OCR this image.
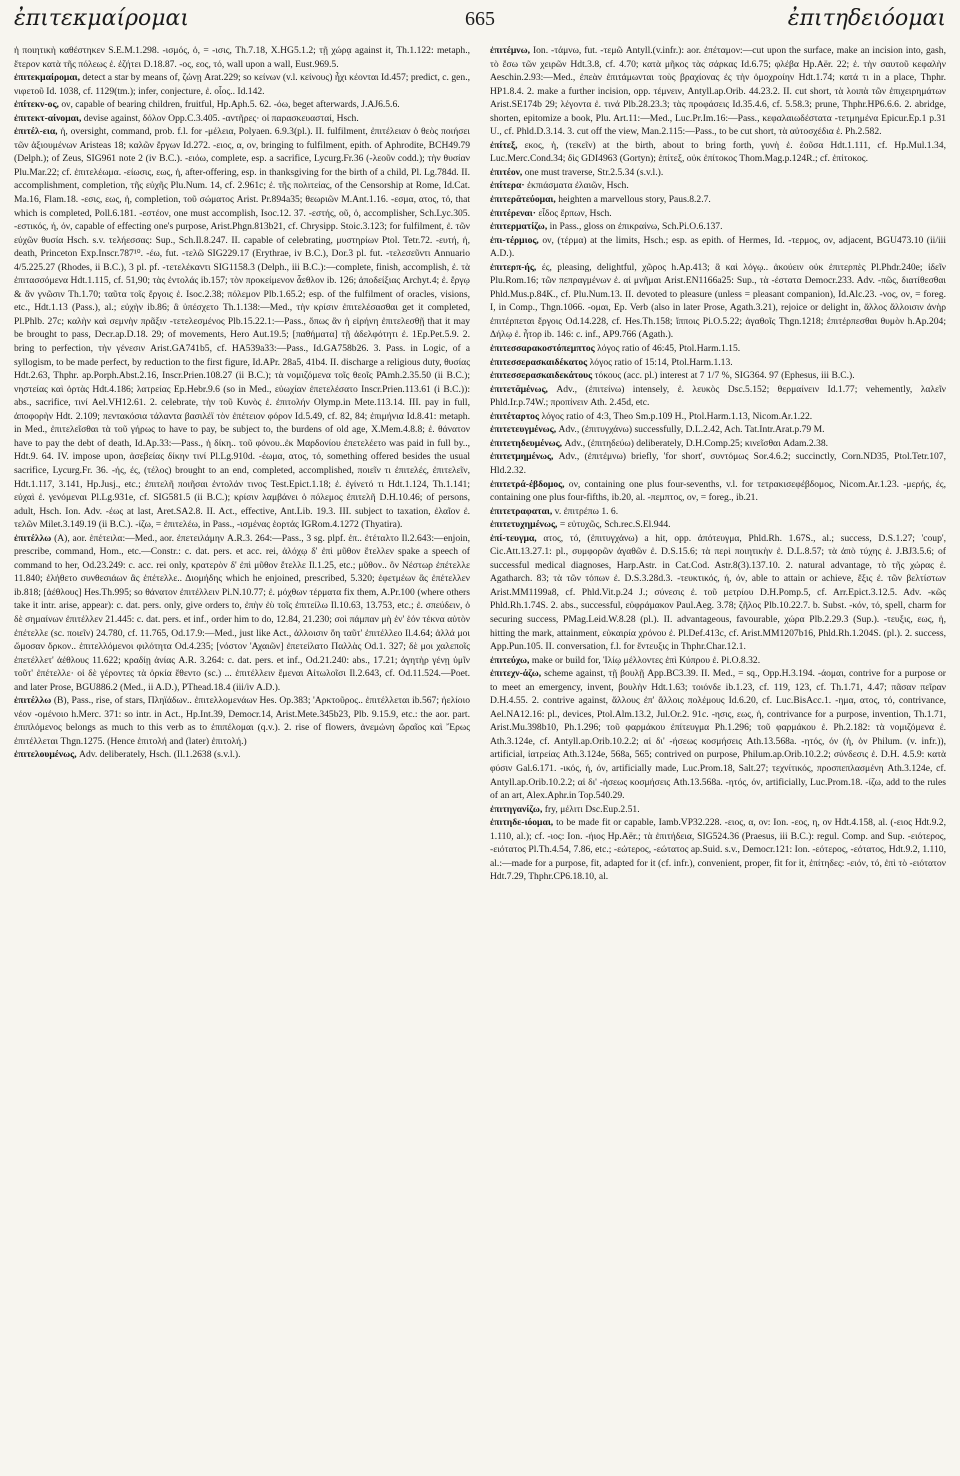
ἐπιτεκμαίρομαι	665	ἐπιτηδειόομαι

ἡ ποιητικὴ καθέστηκεν S.E.M.1.298. -ισμός, ὁ, = -ισις, Th.7.18, X.HG5.1.2; τῇ χώρᾳ against it, Th.1.122: metaph., ἕτερον κατὰ τῆς πόλεως ἐ. ἐζήτει D.18.87. -ος, εος, τό, wall upon a wall, Eust.969.5.

ἐπιτεκμαίρομαι, detect a star by means of, ζώνῃ Arat.229; so κείνων (v.l. κείνους) ἧχι κέονται Id.457; predict, c. gen., νιφετοῦ Id. 1038, cf. 1129(tm.); infer, conjecture, ἐ. οἷος.. Id.142.

ἐπίτεκν-ος, ον, capable of bearing children, fruitful, Hp.Aph.5. 62. -όω, beget afterwards, J.AJ6.5.6.

ἐπιτεκτ-αίνομαι, devise against, δόλον Opp.C.3.405. -αντῆρες· οἱ παρασκευασταί, Hsch.

ἐπιτέλ-εια, ἡ, oversight, command, prob. f.l. for -μέλεια, Polyaen. 6.9.3(pl.). II. fulfilment, ἐπιτέλειαν ὁ θεὸς ποιήσει τῶν ἀξιουμένων Aristeas 18; καλῶν ἔργων Id.272. -ειος, α, ον, bringing to fulfilment, epith. of Aphrodite, BCH49.79 (Delph.); of Zeus, SIG961 note 2 (iv B.C.). -ειόω, complete, esp. a sacrifice, Lycurg.Fr.36 (-λεοῦν codd.); τὴν θυσίαν Plu.Mar.22; cf. ἐπιτελέωμα. -είωσις, εως, ἡ, after-offering, esp. in thanksgiving for the birth of a child, Pl. Lg.784d. II. accomplishment, completion, τῆς εὐχῆς Plu.Num. 14, cf. 2.961c; ἐ. τῆς πολιτείας, of the Censorship at Rome, Id.Cat. Ma.16, Flam.18. -εσις, εως, ἡ, completion, τοῦ σώματος Arist. Pr.894a35; θεωριῶν M.Ant.1.16. -εσμα, ατος, τό, that which is completed, Poll.6.181. -εστέον, one must accomplish, Isoc.12. 37. -εστής, οῦ, ὁ, accomplisher, Sch.Lyc.305. -εστικός, ή, όν, capable of effecting one's purpose, Arist.Phgn.813b21, cf. Chrysipp. Stoic.3.123; for fulfilment, ἐ. τῶν εὐχῶν θυσία Hsch. s.v. τελήεσσας: Sup., Sch.Il.8.247. II. capable of celebrating, μυστηρίων Ptol. Tetr.72. -ευτή, ἡ, death, Princeton Exp.Inscr.787¹⁰. -έω, fut. -τελῶ SIG229.17 (Erythrae, iv B.C.), Dor.3 pl. fut. -τελεσεῦντι Annuario 4/5.225.27 (Rhodes, ii B.C.), 3 pl. pf. -τετελέκαντι SIG1158.3 (Delph., iii B.C.):—complete, finish, accomplish, ἐ. τὰ ἐπιτασσόμενα Hdt.1.115, cf. 51,90; τὰς ἐντολάς ib.157; τὸν προκείμενον ἆεθλον ib. 126; ἀποδείξιας Archyt.4; ἐ. ἔργῳ & ἂν γνῶσιν Th.1.70; ταῦτα τοῖς ἔργοις ἐ. Isoc.2.38; πόλεμον Plb.1.65.2; esp. of the fulfilment of oracles, visions, etc., Hdt.1.13 (Pass.), al.; εὐχὴν ib.86; ἃ ὑπέσχετο Th.1.138:—Med., τὴν κρίσιν ἐπιτελέσασθαι get it completed, Pl.Phlb. 27c; καλὴν καὶ σεμνὴν πρᾶξιν -τετελεσμένος Plb.15.22.1:—Pass., ὅπως ἂν ἡ εἰρήνη ἐπιτελεσθῇ that it may be brought to pass, Decr.ap.D.18. 29; of movements, Hero Aut.19.5; [παθήματα] τῇ ἀδελφότητι ἐ. 1Ep.Pet.5.9. 2. bring to perfection, τὴν γένεσιν Arist.GA741b5, cf. HA539a33:—Pass., Id.GA758b26. 3. Pass. in Logic, of a syllogism, to be made perfect, by reduction to the first figure, Id.APr. 28a5, 41b4. II. discharge a religious duty, θυσίας Hdt.2.63, Thphr. ap.Porph.Abst.2.16, Inscr.Prien.108.27 (ii B.C.); τὰ νομιζόμενα τοῖς θεοῖς PAmh.2.35.50 (ii B.C.); νηστείας καὶ ὁρτὰς Hdt.4.186; λατρείας Ep.Hebr.9.6 (so in Med., εὐωχίαν ἐπετελέσατο Inscr.Prien.113.61 (i B.C.)): abs., sacrifice, τινί Ael.VH12.61. 2. celebrate, τὴν τοῦ Κυνὸς ἐ. ἐπιτολήν Olymp.in Mete.113.14. III. pay in full, ἀποφορὴν Hdt. 2.109; πεντακόσια τάλαντα βασιλέϊ τὸν ἐπέτειον φόρον Id.5.49, cf. 82, 84; ἐπιμήνια Id.8.41: metaph. in Med., ἐπιτελεῖσθαι τὰ τοῦ γήρως to have to pay, be subject to, the burdens of old age, X.Mem.4.8.8; ἐ. θάνατον have to pay the debt of death, Id.Ap.33:—Pass., ἡ δίκη.. τοῦ φόνου..ἐκ Μαρδονίου ἐπετελέετο was paid in full by.., Hdt.9. 64. IV. impose upon, ἀσεβείας δίκην τινί Pl.Lg.910d. -έωμα, ατος, τό, something offered besides the usual sacrifice, Lycurg.Fr. 36. -ής, ές, (τέλος) brought to an end, completed, accomplished, ποιεῖν τι ἐπιτελές, ἐπιτελεῖν, Hdt.1.117, 3.141, Hp.Jusj., etc.; ἐπιτελῆ ποιῆσαι ἐντολάν τινος Test.Epict.1.18; ἐ. ἐγίνετό τι Hdt.1.124, Th.1.141; εὐχαὶ ἐ. γενόμεναι Pl.Lg.931e, cf. SIG581.5 (ii B.C.); κρίσιν λαμβάνει ὁ πόλεμος ἐπιτελῆ D.H.10.46; of persons, adult, Hsch. Ion. Adv. -έως at last, Aret.SA2.8. II. Act., effective, Ant.Lib. 19.3. III. subject to taxation, ἐλαῖον ἐ. τελῶν Milet.3.149.19 (ii B.C.). -ίζω, = ἐπιτελέω, in Pass., -ισμένας ἑορτάς IGRom.4.1272 (Thyatira).

ἐπιτέλλω (A), aor. ἐπέτειλα:—Med., aor. ἐπετειλάμην A.R.3. 264:—Pass., 3 sg. plpf. ἐπ.. ἐτέταλτο Il.2.643:—enjoin, prescribe, command, Hom., etc.—Constr.: c. dat. pers. et acc. rei, ἀλόχῳ δ' ἐπὶ μῦθον ἔτελλεν spake a speech of command to her, Od.23.249: c. acc. rei only, κρατερὸν δ' ἐπὶ μῦθον ἔτελλε Il.1.25, etc.; μῦθον.. ὃν Νέστωρ ἐπέτελλε 11.840; ἐλήθετο συνθεσιάων ἃς ἐπέτελλε.. Διομήδης which he enjoined, prescribed, 5.320; ἐφετμέων ἃς ἐπέτελλεν ib.818; [ἀέθλους] Hes.Th.995; so θάνατον ἐπιτέλλειν Pi.N.10.77; ἐ. μόχθων τέρματα fix them, A.Pr.100 (where others take it intr. arise, appear): c. dat. pers. only, give orders to, ἐπὴν ἐὺ τοῖς ἐπιτείλω Il.10.63, 13.753, etc.; ἐ. σπεύδειν, ὁ δὲ σημαίνων ἐπιτέλλεν 21.445: c. dat. pers. et inf., order him to do, 12.84, 21.230; σοὶ πάμπαν μὴ ἐν' ἑόν τέκνα αὐτὸν ἐπέτελλε (sc. ποιεῖν) 24.780, cf. 11.765, Od.17.9:—Med., just like Act., ἀλλοισιν ὅη ταῦτ' ἐπιτέλλεο Il.4.64; ἀλλά μοι ὤμοσαν ὅρκον.. ἐπιτελλόμενοι φιλότητα Od.4.235; [νόστον 'Αχαιῶν] ἐπετείλατο Παλλὰς Od.1. 327; δὲ μοι χαλεποῖς ἐπετέλλετ' ἀέθλους 11.622; κραδίῃ ἀνίας A.R. 3.264: c. dat. pers. et inf., Od.21.240: abs., 17.21; ἀγητὴρ γένῃ ὑμῖν τοῦτ' ἐπέτελλε· οἱ δὲ γέροντες τὰ ὁρκία ἔθεντο (sc.) ... ἐπιτέλλειν ἔμεναι Αἰτωλοῖσι Il.2.643, cf. Od.11.524.—Poet. and later Prose, BGU886.2 (Med., ii A.D.), PThead.18.4 (iii/iv A.D.).

ἐπιτέλλω (B), Pass., rise, of stars, Πληϊάδων.. ἐπιτελλομενάων Hes. Op.383; 'Αρκτοῦρος.. ἐπιτέλλεται ib.567; ἠελίοιο νέον -ομένοιο h.Merc. 371: so intr. in Act., Hp.Int.39, Democr.14, Arist.Mete.345b23, Plb. 9.15.9, etc.: the aor. part. ἐπιπλόμενος belongs as much to this verb as to ἐπιπέλομαι (q.v.). 2. rise of flowers, ἀνεμώνη ὥραῖος καὶ Ἔρως ἐπιτέλλεται Thgn.1275. (Hence ἐπιτολή and (later) ἐπιτολή.)

ἐπιτελουμένως, Adv. deliberately, Hsch. (Il.1.2638 (s.v.l.).

ἐπιτέμνω, Ion. -τάμνω, fut. -τεμῶ Antyll.(v.infr.): aor. ἐπέταμον:—cut upon the surface, make an incision into, gash, τὸ ἔσω τῶν χειρῶν Hdt.3.8, cf. 4.70; κατὰ μῆκος τὰς σάρκας Id.6.75; φλέβα Hp.Aër. 22; ἐ. τὴν σαυτοῦ κεφαλὴν Aeschin.2.93:—Med., ἐπεὰν ἐπιτάμωνται τοὺς βραχίονας ἐς τὴν ὁμοχροίην Hdt.1.74; κατά τι in a place, Thphr. HP1.8.4. 2. make a further incision, opp. τέμνειν, Antyll.ap.Orib. 44.23.2. II. cut short, τὰ λοιπὰ τῶν ἐπιχειρημάτων Arist.SE174b 29; λέγοντα ἐ. τινά Plb.28.23.3; τὰς προφάσεις Id.35.4.6, cf. 5.58.3; prune, Thphr.HP6.6.6. 2. abridge, shorten, epitomize a book, Plu. Art.11:—Med., Luc.Pr.Im.16:—Pass., κεφαλαιωδέστατα -τετμημένα Epicur.Ep.1 p.31 U., cf. Phld.D.3.14. 3. cut off the view, Man.2.115:—Pass., to be cut short, τὰ αὐτοσχέδια ἐ. Ph.2.582.

ἐπίτεξ, εκος, ἡ, (τεκεῖν) at the birth, about to bring forth, γυνὴ ἐ. ἐοῦσα Hdt.1.111, cf. Hp.Mul.1.34, Luc.Merc.Cond.34; δὶς GDI4963 (Gortyn); ἐπίτεξ, οὐκ ἐπίτοκος Thom.Mag.p.124R.; cf. ἐπίτοκος.

ἐπιτέον, one must traverse, Str.2.5.34 (s.v.l.).

ἐπίτερα· ἐκπιάσματα ἐλαιῶν, Hsch.

ἐπιτερᾰτεύομαι, heighten a marvellous story, Paus.8.2.7.

ἐπιτέρεναι· εἶδος ἔρπων, Hsch.

ἐπιτερματίζω, in Pass., gloss on ἐπικραίνω, Sch.Pi.O.6.137.

ἐπι-τέρμιος, ον, (τέρμα) at the limits, Hsch.; esp. as epith. of Hermes, Id. -τερμος, ον, adjacent, BGU473.10 (ii/iii A.D.).

ἐπιτερπ-ής, ές, pleasing, delightful, χῶρος h.Ap.413; ἃ καὶ λόγῳ.. ἀκούειν οὐκ ἐπιτερπὲς Pl.Phdr.240e; ἰδεῖν Plu.Rom.16; τῶν πεπραγμένων ἐ. αἱ μνῆμαι Arist.EN1166a25: Sup., τὰ -έστατα Democr.233. Adv. -πῶς, διατίθεσθαι Phld.Mus.p.84K., cf. Plu.Num.13. II. devoted to pleasure (unless = pleasant companion), Id.Alc.23. -νος, ον, = foreg. I, in Comp., Thgn.1066. -ομαι, Ep. Verb (also in later Prose, Agath.3.21), rejoice or delight in, ἄλλος ἄλλοισιν ἀνὴρ ἐπιτέρπεται ἔργοις Od.14.228, cf. Hes.Th.158; ἵπποις Pi.O.5.22; ἀγαθοῖς Thgn.1218; ἐπιτέρπεσθαι θυμὸν h.Ap.204; Δήλῳ ἐ. ἦτορ ib. 146: c. inf., AP9.766 (Agath.).

ἐπιτεσσαρακοστόπεμπτος λόγος ratio of 46:45, Ptol.Harm.1.15.

ἐπιτεσσερασκαιδέκατος λόγος ratio of 15:14, Ptol.Harm.1.13.

ἐπιτεσσερασκαιδεκάτους τόκους (acc. pl.) interest at 7 1/7 %, SIG364. 97 (Ephesus, iii B.C.).

ἐπιτετᾰμένως, Adv., (ἐπιτείνω) intensely, ἐ. λευκὸς Dsc.5.152; θερμαίνειν Id.1.77; vehemently, λαλεῖν Phld.Ir.p.74W.; προπίνειν Ath. 2.45d, etc.

ἐπιτέταρτος λόγος ratio of 4:3, Theo Sm.p.109 H., Ptol.Harm.1.13, Nicom.Ar.1.22.

ἐπιτετευγμένως, Adv., (ἐπιτυγχάνω) successfully, D.L.2.42, Ach. Tat.Intr.Arat.p.79 M.

ἐπιτετηδευμένως, Adv., (ἐπιτηδεύω) deliberately, D.H.Comp.25; κινεῖσθαι Adam.2.38.

ἐπιτετμημένως, Adv., (ἐπιτέμνω) briefly, 'for short', συντόμως Sor.4.6.2; succinctly, Corn.ND35, Ptol.Tetr.107, Hld.2.32.

ἐπιτετρά-έβδομος, ον, containing one plus four-sevenths, v.l. for τετρακισεφέβδομος, Nicom.Ar.1.23. -μερής, ές, containing one plus four-fifths, ib.20, al. -πεμπτος, ον, = foreg., ib.21.

ἐπιτετραφαται, v. ἐπιτρέπω 1. 6.

ἐπιτετυχημένως, = εὐτυχῶς, Sch.rec.S.El.944.

ἐπί-τευγμα, ατος, τό, (ἐπιτυγχάνω) a hit, opp. ἀπότευγμα, Phld.Rh. 1.67S., al.; success, D.S.1.27; 'coup', Cic.Att.13.27.1: pl., συμφορῶν ἀγαθῶν ἐ. D.S.15.6; τὰ περὶ ποιητικὴν ἐ. D.L.8.57; τὰ ἀπὸ τύχης ἐ. J.BJ3.5.6; of successful medical diagnoses, Harp.Astr. in Cat.Cod. Astr.8(3).137.10. 2. natural advantage, τὸ τῆς χώρας ἐ. Agatharch. 83; τὰ τῶν τόπων ἐ. D.S.3.28d.3. -τευκτικός, ή, όν, able to attain or achieve, ἕξις ἐ. τῶν βελτίστων Arist.MM1199a8, cf. Phld.Vit.p.24 J.; σύνεσις ἐ. τοῦ μετρίου D.H.Pomp.5, cf. Arr.Epict.3.12.5. Adv. -κῶς Phld.Rh.1.74S. 2. abs., successful, εὐφράμακον Paul.Aeg. 3.78; ζῆλος Plb.10.22.7. b. Subst. -κόν, τό, spell, charm for securing success, PMag.Leid.W.8.28 (pl.). II. advantageous, favourable, χώρα Plb.2.29.3 (Sup.). -τευξις, εως, ἡ, hitting the mark, attainment, εὐκαιρία χρόνου ἐ. Pl.Def.413c, cf. Arist.MM1207b16, Phld.Rh.1.204S. (pl.). 2. success, App.Pun.105. II. conversation, f.l. for ἔντευξις in Thphr.Char.12.1.

ἐπιτεύχω, make or build for, Ἰλίῳ μέλλοντες ἐπὶ Κύπρου ἐ. Pi.O.8.32.

ἐπιτεχν-άζω, scheme against, τῇ βουλῇ App.BC3.39. II. Med., = sq., Opp.H.3.194. -άομαι, contrive for a purpose or to meet an emergency, invent, βουλὴν Hdt.1.63; τοιόνδε ib.1.23, cf. 119, 123, cf. Th.1.71, 4.47; πᾶσαν πεῖραν D.H.4.55. 2. contrive against, ἄλλους ἐπ' ἄλλοις πολέμους Id.6.20, cf. Luc.BisAcc.1. -ημα, ατος, τό, contrivance, Ael.NA12.16: pl., devices, Ptol.Alm.13.2, Jul.Or.2. 91c. -ησις, εως, ἡ, contrivance for a purpose, invention, Th.1.71, Arist.Mu.398b10, Ph.1.296; τοῦ φαρμάκου ἐπίτευγμα Ph.1.296; τοῦ φαρμάκου ἐ. Ph.2.182: τὰ νομιζόμενα ἐ. Ath.3.124e, cf. Antyll.ap.Orib.10.2.2; αἱ δι' -ήσεως κοσμήσεις Ath.13.568a. -ητός, όν (ἡ, ὁν Philum. (v. infr.)), artificial, ἰατρείας Ath.3.124e, 568a, 565; contrived on purpose, Philum.ap.Orib.10.2.2; σύνδεσις ἐ. D.H. 4.5.9: κατὰ φύσιν Gal.6.171. -ικός, ή, όν, artificially made, Luc.Prom.18, Salt.27; τεχνίτικός, προσπεπλασμένη Ath.3.124e, cf. Antyll.ap.Orib.10.2.2; αἱ δι' -ήσεως κοσμήσεις Ath.13.568a. -ητός, όν, artificially, Luc.Prom.18. -ίζω, add to the rules of an art, Alex.Aphr.in Top.540.29.

ἐπιτηγανίζω, fry, μέλιτι Dsc.Eup.2.51.

ἐπιτηδε-ιόομαι, to be made fit or capable, Iamb.VP32.228. -ειος, α, ον: Ion. -εος, η, ον Hdt.4.158, al. (-ειος Hdt.9.2, 1.110, al.); cf. -ιος: Ion. -ήιος Hp.Aër.; τὰ ἐπιτήδεια, SIG524.36 (Praesus, iii B.C.): regul. Comp. and Sup. -ειότερος, -ειότατος Pl.Th.4.54, 7.86, etc.; -εώτερος, -εώτατος ap.Suid. s.v., Democr.121: Ion. -εότερος, -εότατος, Hdt.9.2, 1.110, al.:—made for a purpose, fit, adapted for it (cf. infr.), convenient, proper, fit for it, ἐπίτηδες: -ειόν, τό, ἐπὶ τὸ -ειότατον Hdt.7.29, Thphr.CP6.18.10, al.
